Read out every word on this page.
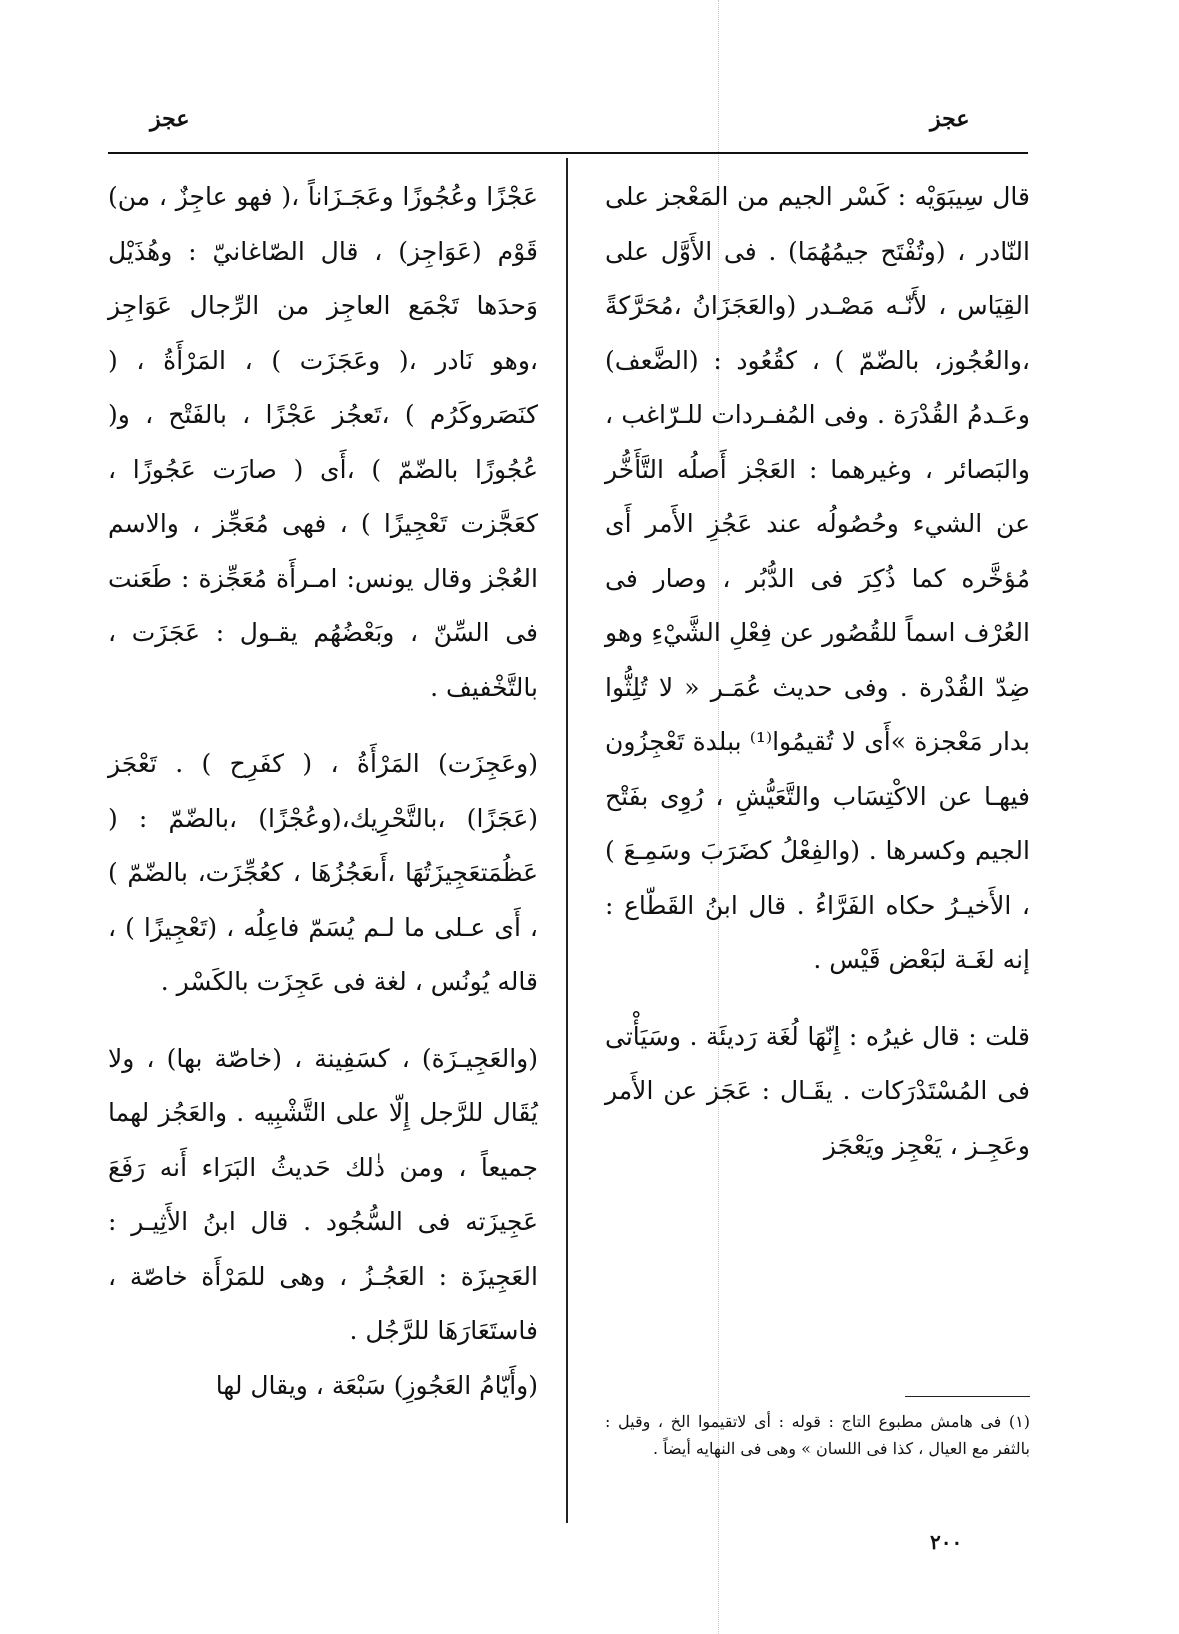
عجز
عجز

قال سِيبَوَيْه : كَسْر الجيم من المَعْجز على النّادر ، (وتُفْتَح جيمُهُمَا) . فى الأَوَّل على القِيَاس ، لأَنّـه مَصْـدر (والعَجَزَانُ ،مُحَرَّكةً ،والعُجُوز، بالضّمّ ) ، كقُعُود : (الضَّعف) وعَـدمُ القُدْرَة . وفى المُفـردات للـرّاغب ، والبَصائر ، وغيرهما : العَجْز أَصلُه التَّأَخُّر عن الشيء وحُصُولُه عند عَجُزِ الأَمر أَى مُؤخَّره كما ذُكِرَ فى الدُّبُر ، وصار فى العُرْف اسماً للقُصُور عن فِعْلِ الشَّيْءِ وهو ضِدّ القُدْرة . وفى حديث عُمَـر « لا تُلِثُّوا بدار مَعْجزة »أَى لا تُقيمُوا⁽¹⁾ ببلدة تَعْجِزُون فيهـا عن الاكْتِسَاب والتَّعَيُّشِ ، رُوِى بفَتْح الجيم وكسرها . (والفِعْلُ كضَرَبَ وسَمِـعَ ) ، الأَخيـرُ حكاه الفَرَّاءُ . قال ابنُ القَطّاع : إنه لغَـة لبَعْض قَيْس .

قلت : قال غيرُه : إِنّهَا لُغَة رَديئَة . وسَيَأْتى فى المُسْتَدْرَكات . يقَـال : عَجَز عن الأَمر وعَجِـز ، يَعْجِز ويَعْجَز

عَجْزًا وعُجُوزًا وعَجَـزَاناً ،( فهو عاجِزٌ ، من) قَوْم (عَوَاجِز) ، قال الصّاغانيّ : وهُذَيْل وَحدَها تَجْمَع العاجِز من الرِّجال عَوَاجِز ،وهو نَادر ،( وعَجَزَت ) ، المَرْأَةُ ، ( كنَصَروكَرُم ) ،تَعجُز عَجْزًا ، بالفَتْح ، و( عُجُوزًا بالضّمّ ) ،أَى ( صارَت عَجُوزًا ، كعَجَّزت تَعْجِيزًا ) ، فهى مُعَجِّز ، والاسم العُجْز وقال يونس: امـرأَة مُعَجِّزة : طَعَنت فى السِّنّ ، وبَعْضُهُم يقـول : عَجَزَت ، بالتَّخْفيف .

(وعَجِزَت) المَرْأَةُ ، ( كفَرِح ) . تَعْجَز (عَجَزًا) ،بالتَّحْرِيك،(وعُجْزًا) ،بالضّمّ : ( عَظُمَتعَجِيزَتُهَا ،أَىعَجُزُهَا ، كعُجِّزَت، بالضّمّ ) ، أَى عـلى ما لـم يُسَمّ فاعِلُه ، (تَعْجِيزًا ) ، قاله يُونُس ، لغة فى عَجِزَت بالكَسْر .

(والعَجِيـزَة) ، كسَفِينة ، (خاصّة بها) ، ولا يُقَال للرَّجل إِلّا على التَّشْبِيه . والعَجُز لهما جميعاً ، ومن ذٰلك حَديثُ البَرَاء أَنه رَفَعَ عَجِيزَته فى السُّجُود . قال ابنُ الأَثِيـر : العَجِيزَة : العَجُـزُ ، وهى للمَرْأَة خاصّة ، فاستَعَارَهَا للرَّجُل .

(وأَيّامُ العَجُوزِ) سَبْعَة ، ويقال لها

(١) فى هامش مطبوع التاج : قوله : أى لاتقيموا الخ ، وقيل : بالثفر مع العيال ، كذا فى اللسان » وهى فى النهايه أيضاً .
٢٠٠
